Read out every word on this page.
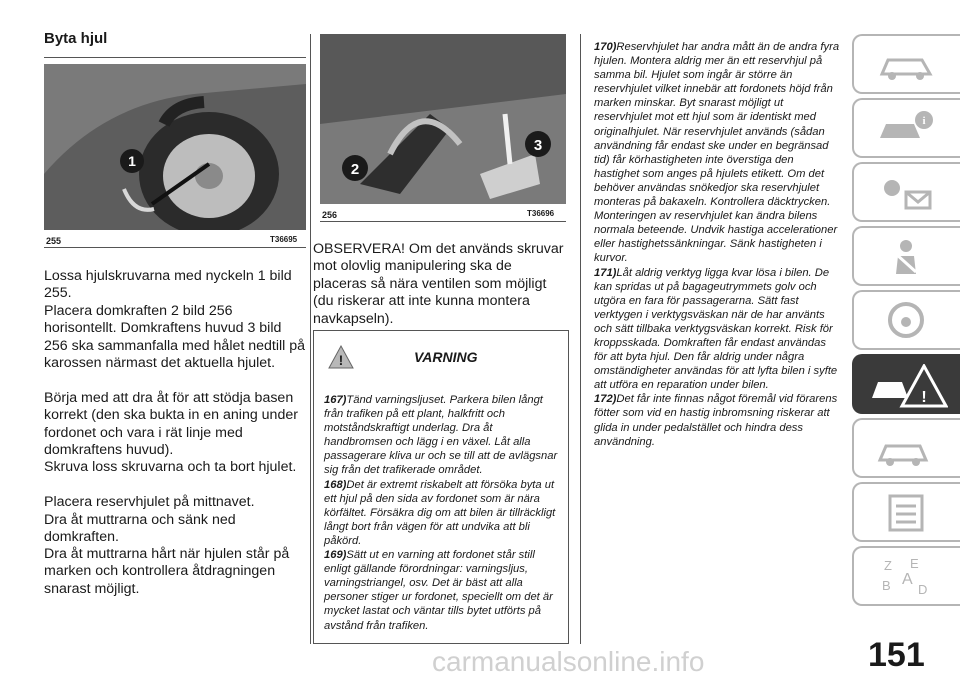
Byta hjul
1
255	T36695

Lossa hjulskruvarna med nyckeln 1 bild 255.

Placera domkraften 2 bild 256 horisontellt. Domkraftens huvud 3 bild 256 ska sammanfalla med hålet nedtill på karossen närmast det aktuella hjulet.

Börja med att dra åt för att stödja basen korrekt (den ska bukta in en aning under fordonet och vara i rät linje med domkraftens huvud).

Skruva loss skruvarna och ta bort hjulet.

Placera reservhjulet på mittnavet.

Dra åt muttrarna och sänk ned domkraften.

Dra åt muttrarna hårt när hjulen står på marken och kontrollera åtdragningen snarast möjligt.

2
3
256	T36696

OBSERVERA! Om det används skruvar mot olovlig manipulering ska de placeras så nära ventilen som möjligt (du riskerar att inte kunna montera navkapseln).

!	VARNING

167)Tänd varningsljuset. Parkera bilen långt från trafiken på ett plant, halkfritt och motståndskraftigt underlag. Dra åt handbromsen och lägg i en växel. Låt alla passagerare kliva ur och se till att de avlägsnar sig från det trafikerade området.

168)Det är extremt riskabelt att försöka byta ut ett hjul på den sida av fordonet som är nära körfältet. Försäkra dig om att bilen är tillräckligt långt bort från vägen för att undvika att bli påkörd.

169)Sätt ut en varning att fordonet står still enligt gällande förordningar: varningsljus, varningstriangel, osv. Det är bäst att alla personer stiger ur fordonet, speciellt om det är mycket lastat och väntar tills bytet utförts på avstånd från trafiken.

170)Reservhjulet har andra mått än de andra fyra hjulen. Montera aldrig mer än ett reservhjul på samma bil. Hjulet som ingår är större än reservhjulet vilket innebär att fordonets höjd från marken minskar. Byt snarast möjligt ut reservhjulet mot ett hjul som är identiskt med originalhjulet. När reservhjulet används (sådan användning får endast ske under en begränsad tid) får körhastigheten inte överstiga den hastighet som anges på hjulets etikett. Om det behöver användas snökedjor ska reservhjulet monteras på bakaxeln. Kontrollera däcktrycken. Monteringen av reservhjulet kan ändra bilens normala beteende. Undvik hastiga accelerationer eller hastighetssänkningar. Sänk hastigheten i kurvor.

171)Låt aldrig verktyg ligga kvar lösa i bilen. De kan spridas ut på bagageutrymmets golv och utgöra en fara för passagerarna. Sätt fast verktygen i verktygsväskan när de har använts och sätt tillbaka verktygsväskan korrekt. Risk för kroppsskada. Domkraften får endast användas för att byta hjul. Den får aldrig under några omständigheter användas för att lyfta bilen i syfte att utföra en reparation under bilen.

172)Det får inte finnas något föremål vid förarens fötter som vid en hastig inbromsning riskerar att glida in under pedalstället och hindra dess användning.

i
!
Z E
A
B D
carmanualsonline.info	151
